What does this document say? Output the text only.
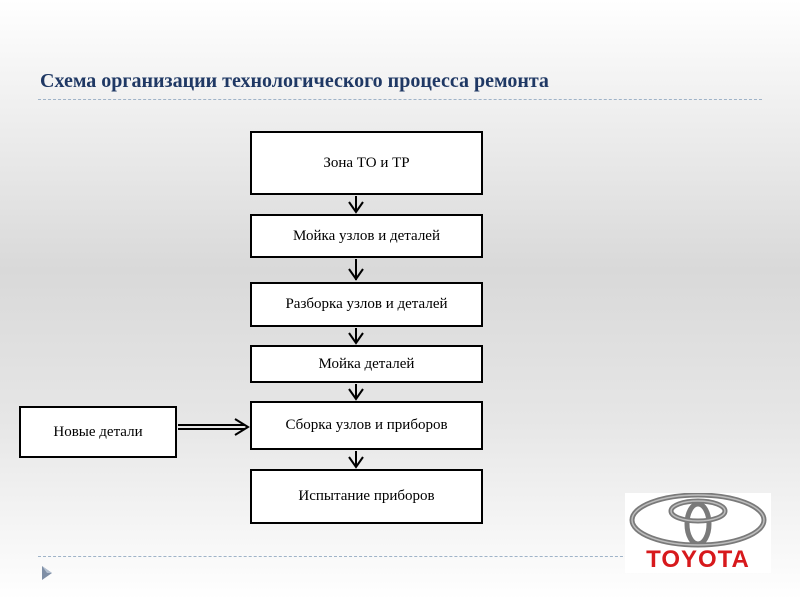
Схема организации технологического процесса ремонта
Зона ТО и ТР
Мойка узлов и деталей
Разборка узлов и деталей
Мойка деталей
Сборка узлов и приборов
Испытание приборов
Новые детали
TOYOTA
